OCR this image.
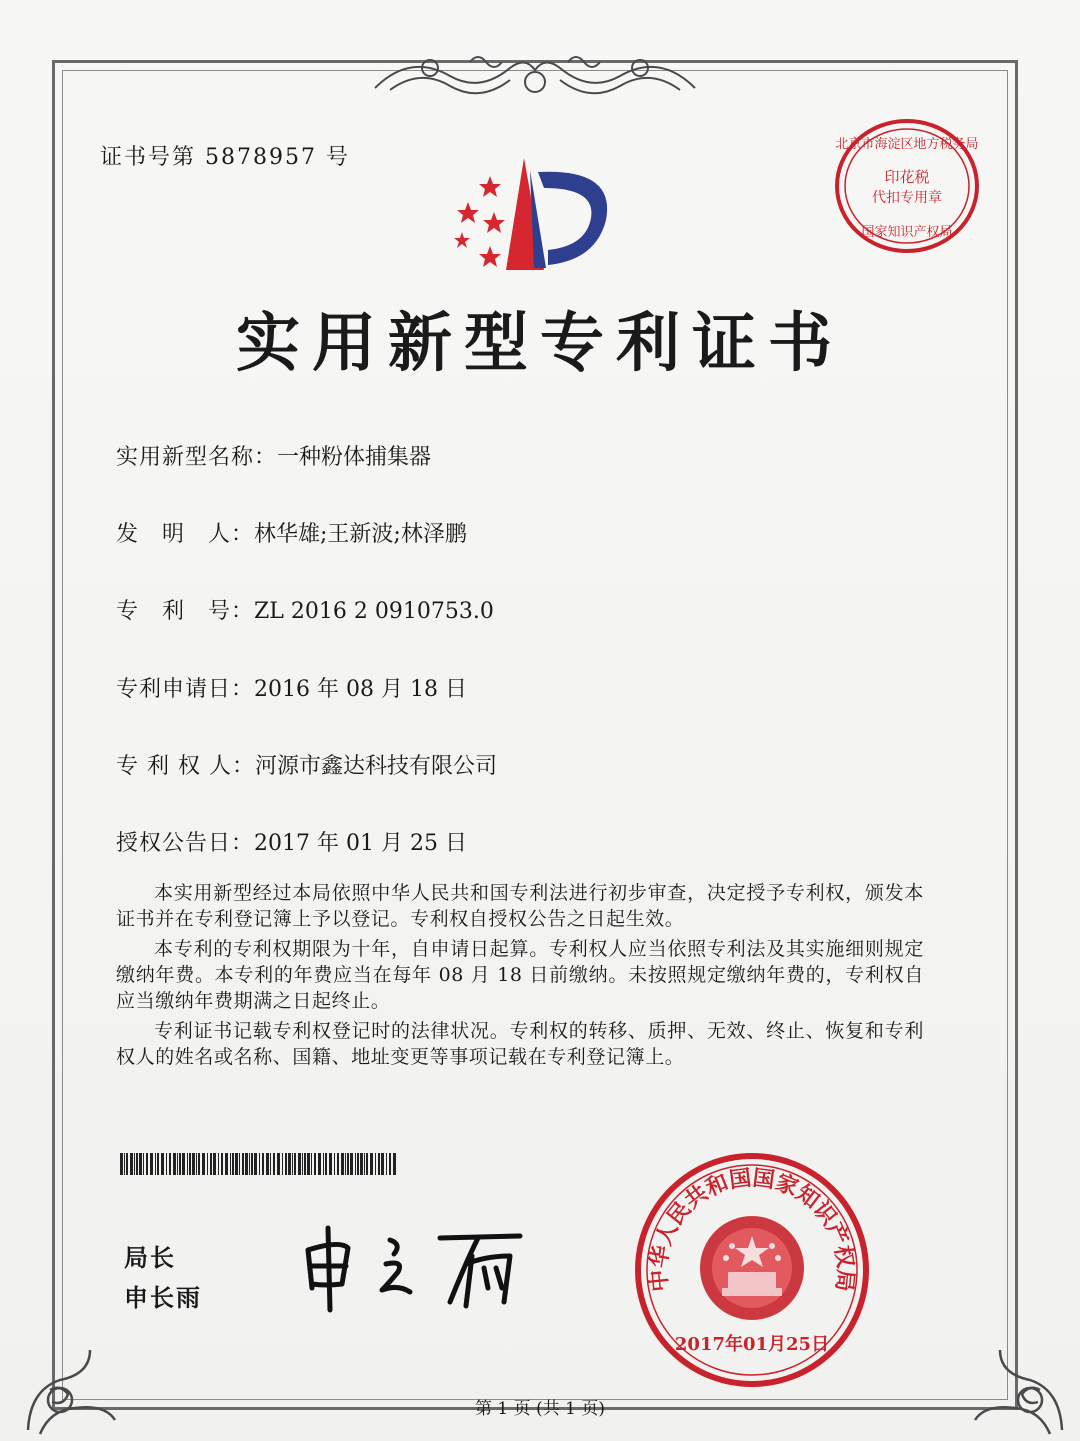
证书号第 5878957 号
北京市海淀区地方税务局
印花税
代扣专用章
国家知识产权局
实用新型专利证书
实用新型名称：一种粉体捕集器
发　明　人：林华雄;王新波;林泽鹏
专　利　号：ZL 2016 2 0910753.0
专利申请日：2016 年 08 月 18 日
专 利 权 人：河源市鑫达科技有限公司
授权公告日：2017 年 01 月 25 日

本实用新型经过本局依照中华人民共和国专利法进行初步审查，决定授予专利权，颁发本证书并在专利登记簿上予以登记。专利权自授权公告之日起生效。

本专利的专利权期限为十年，自申请日起算。专利权人应当依照专利法及其实施细则规定缴纳年费。本专利的年费应当在每年 08 月 18 日前缴纳。未按照规定缴纳年费的，专利权自应当缴纳年费期满之日起终止。

专利证书记载专利权登记时的法律状况。专利权的转移、质押、无效、终止、恢复和专利权人的姓名或名称、国籍、地址变更等事项记载在专利登记簿上。

局长
申长雨
中华人民共和国国家知识产权局
2017年01月25日
第 1 页 (共 1 页)
